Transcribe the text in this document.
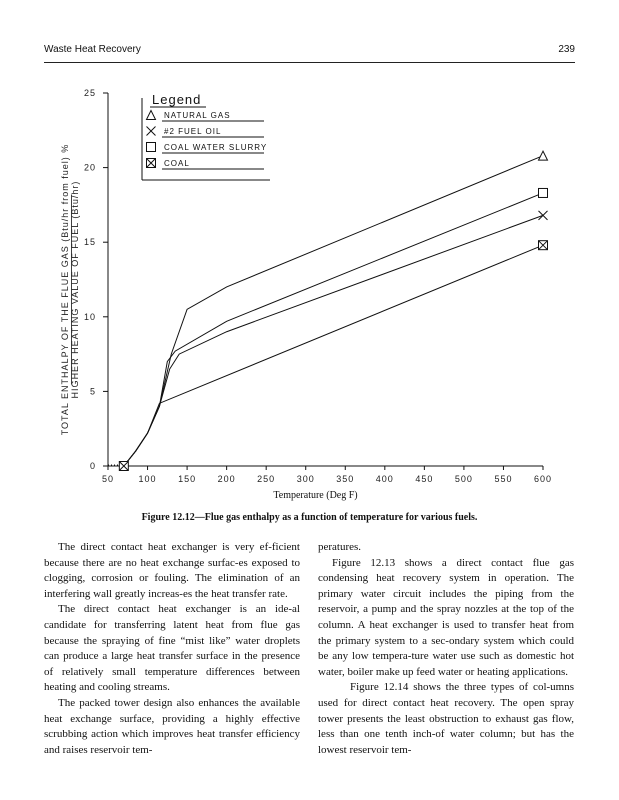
Waste Heat Recovery	239
0
5
10
15
20
25
50	100 150 200 250 300 350 400 450 500 550 600
Legend
NATURAL GAS
#2 FUEL OIL
COAL WATER SLURRY
COAL
Temperature (Deg F)
TOTAL ENTHALPY OF THE FLUE GAS (Btu/hr from fuel) % HIGHER HEATING VALUE OF FUEL (Btu/hr)
Figure 12.12—Flue gas enthalpy as a function of temperature for various fuels.

The direct contact heat exchanger is very ef-ficient because there are no heat exchange surfac-es exposed to clogging, corrosion or fouling. The elimination of an interfering wall greatly increas-es the heat transfer rate.

The direct contact heat exchanger is an ide-al candidate for transferring latent heat from flue gas because the spraying of fine “mist like” water droplets can produce a large heat transfer surface in the presence of relatively small temperature differences between heating and cooling streams.

The packed tower design also enhances the available heat exchange surface, providing a highly effective scrubbing action which improves heat transfer efficiency and raises reservoir tem-

peratures.

Figure 12.13 shows a direct contact flue gas condensing heat recovery system in operation. The primary water circuit includes the piping from the reservoir, a pump and the spray nozzles at the top of the column. A heat exchanger is used to transfer heat from the primary system to a sec-ondary system which could be any low tempera-ture water use such as domestic hot water, boiler make up feed water or heating applications.

Figure 12.14 shows the three types of col-umns used for direct contact heat recovery. The open spray tower presents the least obstruction to exhaust gas flow, less than one tenth inch-of water column; but has the lowest reservoir tem-
